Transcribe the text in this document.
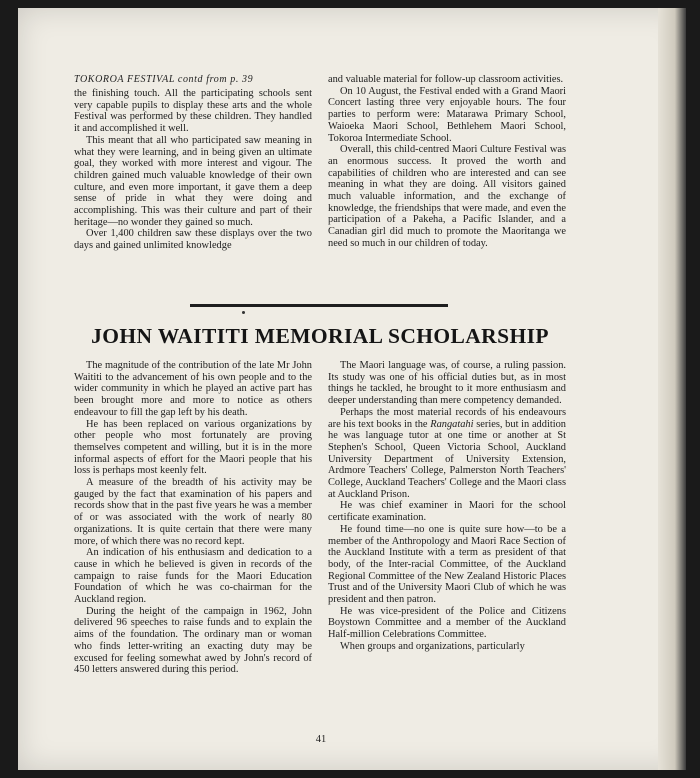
TOKOROA FESTIVAL contd from p. 39

the finishing touch. All the participating schools sent very capable pupils to display these arts and the whole Festival was performed by these children. They handled it and accomplished it well.

This meant that all who participated saw meaning in what they were learning, and in being given an ultimate goal, they worked with more interest and vigour. The children gained much valuable knowledge of their own culture, and even more important, it gave them a deep sense of pride in what they were doing and accomplishing. This was their culture and part of their heritage—no wonder they gained so much.

Over 1,400 children saw these displays over the two days and gained unlimited knowledge

and valuable material for follow-up classroom activities.

On 10 August, the Festival ended with a Grand Maori Concert lasting three very enjoyable hours. The four parties to perform were: Matarawa Primary School, Waioeka Maori School, Bethlehem Maori School, Tokoroa Intermediate School.

Overall, this child-centred Maori Culture Festival was an enormous success. It proved the worth and capabilities of children who are interested and can see meaning in what they are doing. All visitors gained much valuable information, and the exchange of knowledge, the friendships that were made, and even the participation of a Pakeha, a Pacific Islander, and a Canadian girl did much to promote the Maoritanga we need so much in our children of today.

JOHN WAITITI MEMORIAL SCHOLARSHIP

The magnitude of the contribution of the late Mr John Waititi to the advancement of his own people and to the wider community in which he played an active part has been brought more and more to notice as others endeavour to fill the gap left by his death.

He has been replaced on various organizations by other people who most fortunately are proving themselves competent and willing, but it is in the more informal aspects of effort for the Maori people that his loss is perhaps most keenly felt.

A measure of the breadth of his activity may be gauged by the fact that examination of his papers and records show that in the past five years he was a member of or was associated with the work of nearly 80 organizations. It is quite certain that there were many more, of which there was no record kept.

An indication of his enthusiasm and dedication to a cause in which he believed is given in records of the campaign to raise funds for the Maori Education Foundation of which he was co-chairman for the Auckland region.

During the height of the campaign in 1962, John delivered 96 speeches to raise funds and to explain the aims of the foundation. The ordinary man or woman who finds letter-writing an exacting duty may be excused for feeling somewhat awed by John's record of 450 letters answered during this period.

The Maori language was, of course, a ruling passion. Its study was one of his official duties but, as in most things he tackled, he brought to it more enthusiasm and deeper understanding than mere competency demanded.

Perhaps the most material records of his endeavours are his text books in the Rangatahi series, but in addition he was language tutor at one time or another at St Stephen's School, Queen Victoria School, Auckland University Department of University Extension, Ardmore Teachers' College, Palmerston North Teachers' College, Auckland Teachers' College and the Maori class at Auckland Prison.

He was chief examiner in Maori for the school certificate examination.

He found time—no one is quite sure how—to be a member of the Anthropology and Maori Race Section of the Auckland Institute with a term as president of that body, of the Inter-racial Committee, of the Auckland Regional Committee of the New Zealand Historic Places Trust and of the University Maori Club of which he was president and then patron.

He was vice-president of the Police and Citizens Boystown Committee and a member of the Auckland Half-million Celebrations Committee.

When groups and organizations, particularly

41
